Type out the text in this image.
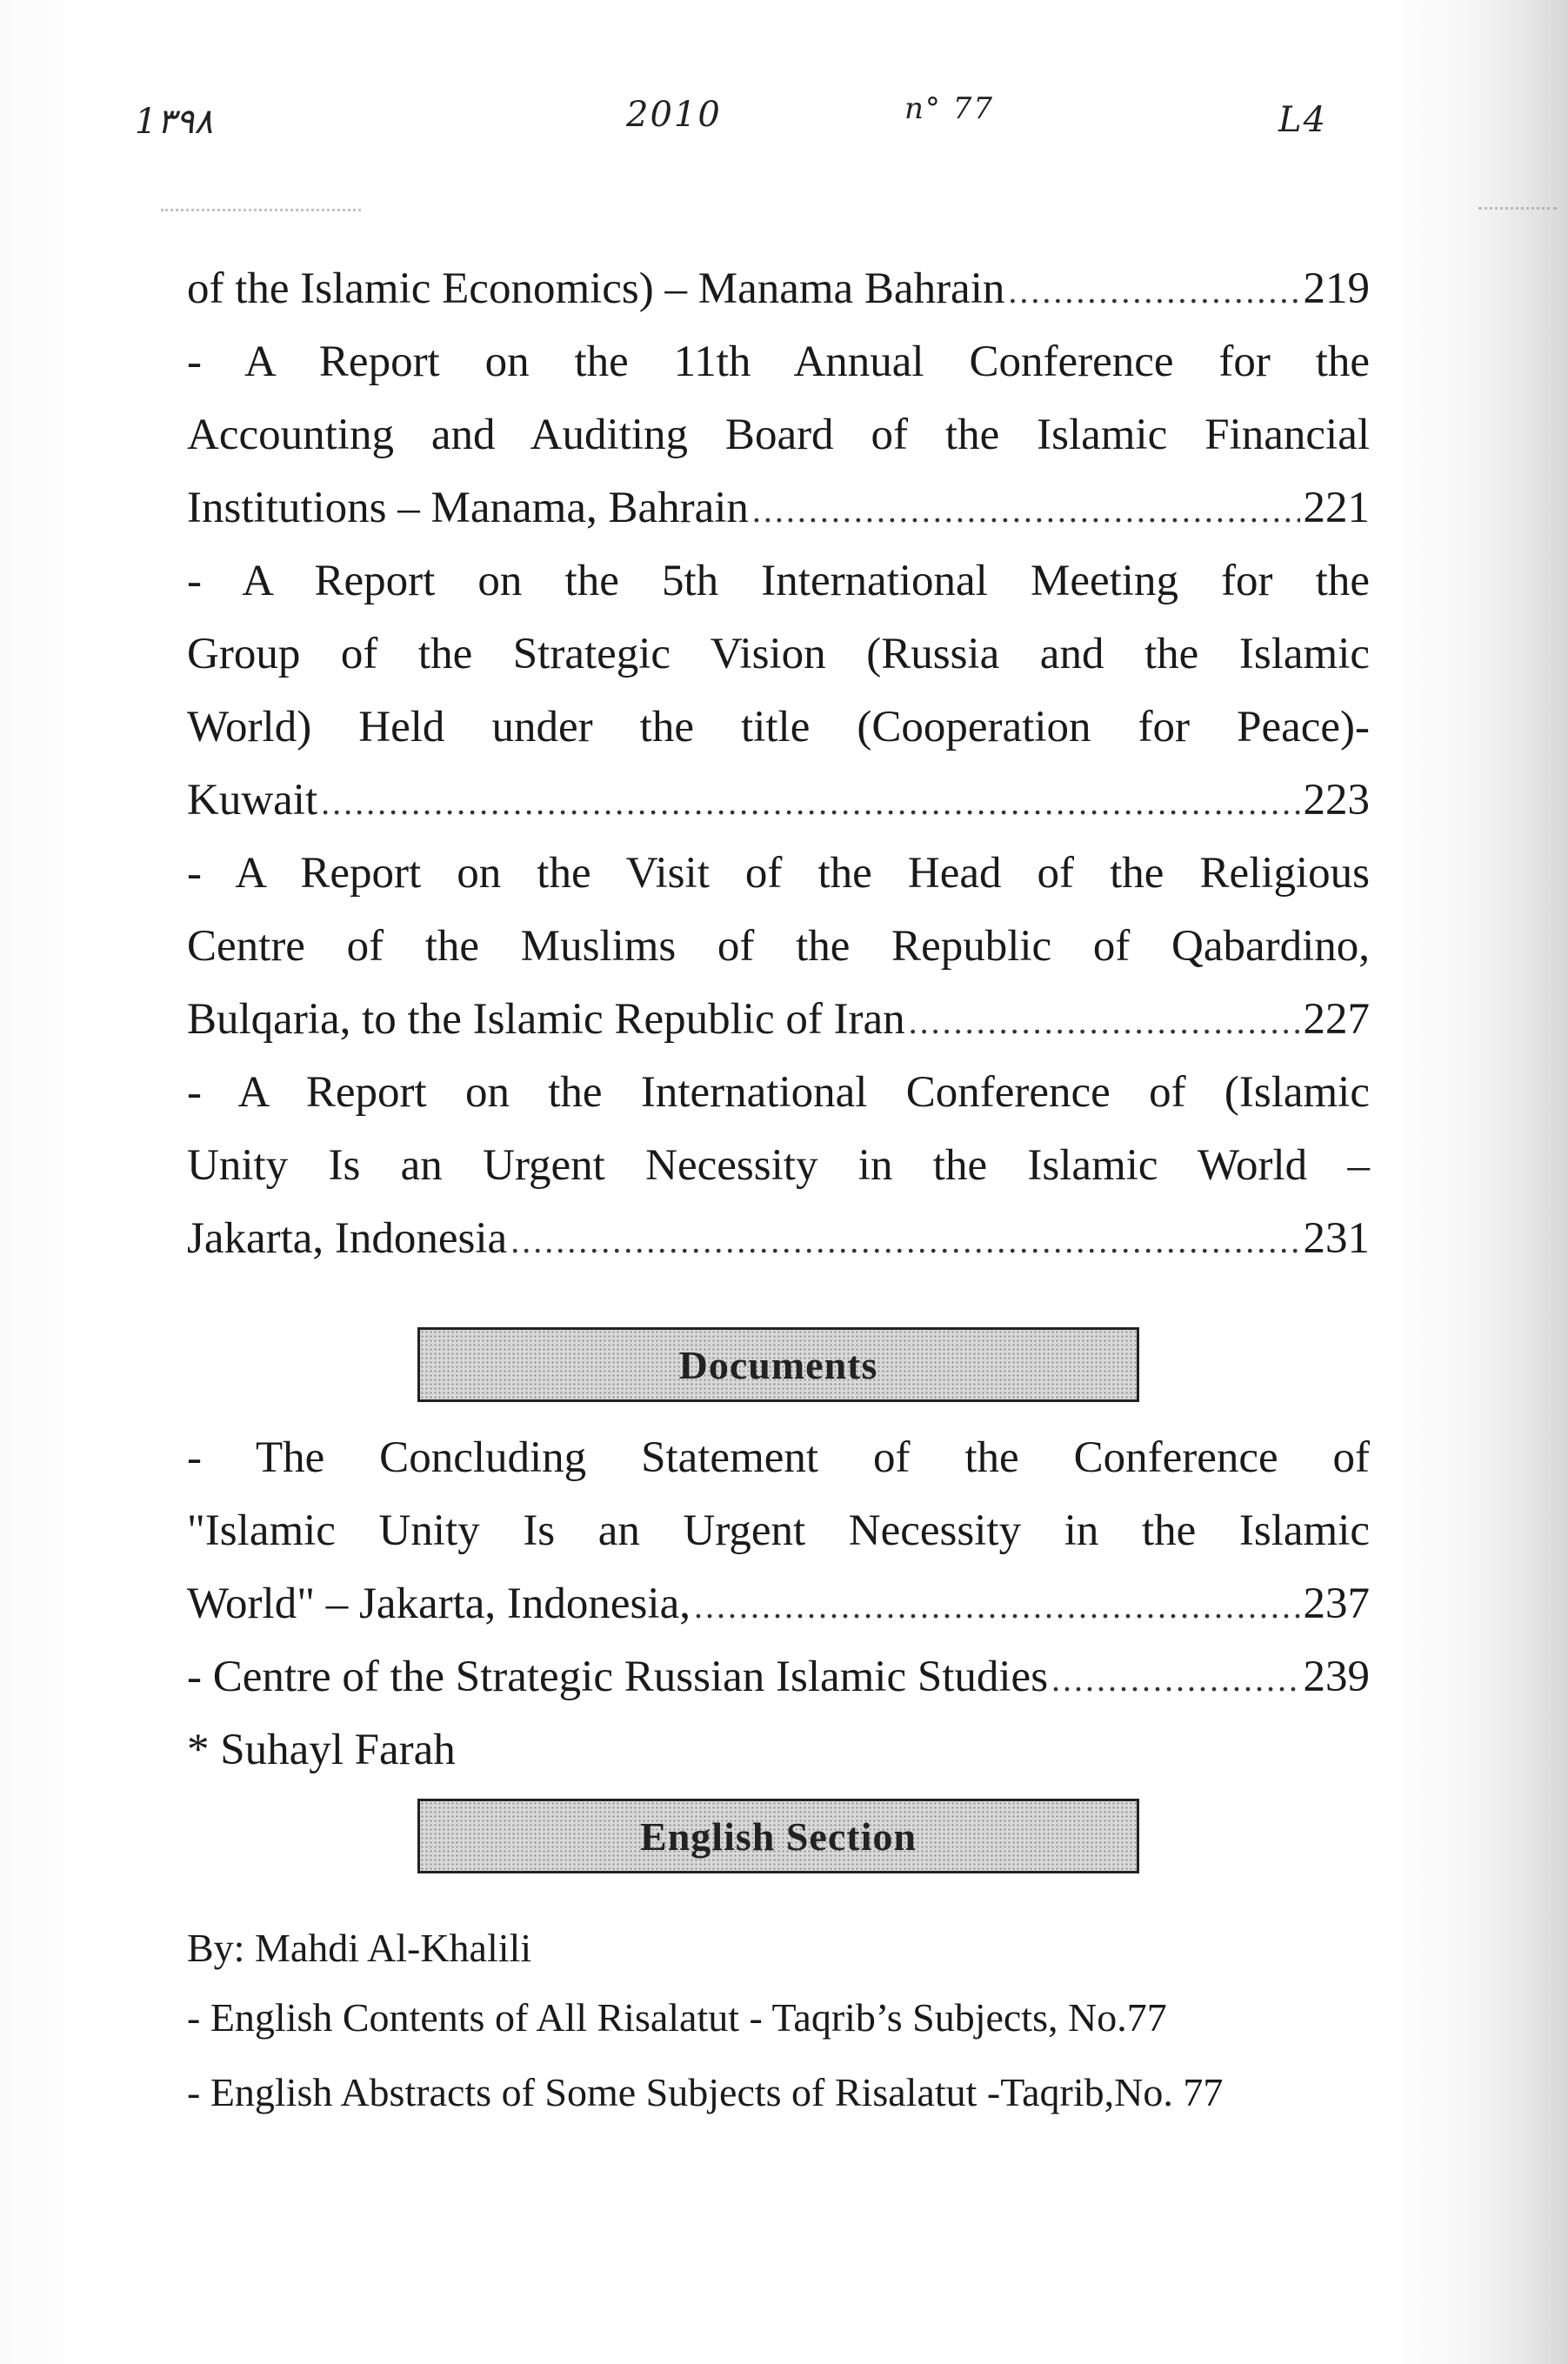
1۳۹۸	2010	n° 77	L4
of the Islamic Economics) – Manama Bahrain .....	219
- A Report on the 11th Annual Conference for the
Accounting and Auditing Board of the Islamic Financial
Institutions – Manama, Bahrain .....	221
- A Report on the 5th International Meeting for the
Group of the Strategic Vision (Russia and the Islamic
World) Held under the title (Cooperation for Peace)-
Kuwait .....	223
- A Report on the Visit of the Head of the Religious
Centre of the Muslims of the Republic of Qabardino,
Bulqaria, to the Islamic Republic of Iran .....	227
- A Report on the International Conference of (Islamic
Unity Is an Urgent Necessity in the Islamic World –
Jakarta, Indonesia .....	231
Documents
- The Concluding Statement of the Conference of
"Islamic Unity Is an Urgent Necessity in the Islamic
World" – Jakarta, Indonesia, .....	237
- Centre of the Strategic Russian Islamic Studies .....	239
* Suhayl Farah
English Section
By: Mahdi Al-Khalili
- English Contents of All Risalatut - Taqrib’s Subjects, No.77
- English Abstracts of Some Subjects of Risalatut -Taqrib,No. 77
